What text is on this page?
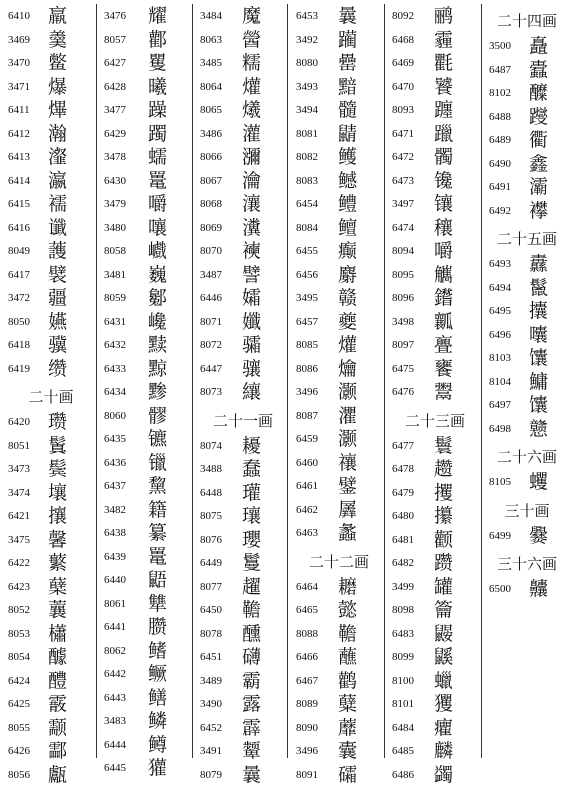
6410 羸
3469 羹
3470 鳖
3471 爆
6411 熚
6412 瀚
6413 瀣
6414 瀛
6415 襦
6416 谶
8049 䕶
6417 襞
3472 疆
8050 嬿
6418 骥
6419 缵
二十画
6420 瓒
8051 鬒
3473 鬓
3474 壤
6421 攘
3475 馨
6422 蘩
6423 蘖
8052 蘘
8053 櫹
8054 醵
6424 醴
6425 霰
8055 颥
6426 酃
8056 甗
3476 耀
8057 酄
6427 矍
6428 曦
3477 躁
6429 躅
3478 蠕
6430 鼍
3479 嚼
3480 嚷
8058 巇
3481 巍
8059 酁
6431 巉
6432 黩
6433 黥
6434 黪
8060 髎
6435 镳
6436 镴
6437 黧
3482 籍
6438 纂
6439 鼍
6440 鼯
8061 犨
6441 臜
8062 鳍
6442 鳜
6443 鳝
3483 鳞
6444 鳟
6445 獾
3484 魔
8063 醟
3485 糯
8064 爟
8065 爔
3486 灌
8066 瀰
8067 瀹
8068 瀼
8069 瀵
8070 襫
3487 譬
6446 孀
8071 孅
8072 骦
6447 骧
8073 纕
二十一画
8074 耰
3488 蠢
6448 瓘
8075 瓖
8076 瓔
6449 鬘
8077 趯
6450 韂
8078 醺
6451 礴
3489 霸
3490 露
6452 霹
3491 颦
8079 曩
6453 曩
3492 躏
8080 罍
3493 黯
3494 髓
8081 鼱
8082 鳠
8083 鳡
6454 鳢
8084 鳣
6455 癫
6456 麝
3495 赣
6457 夔
8085 爟
8086 爚
3496 灏
8087 灈
6459 灏
6460 禳
6461 鐾
6462 羼
6463 蠡
二十二画
6464 耱
6465 懿
8088 韂
6466 蘸
6467 鹳
8089 糵
8090 蘼
3496 囊
8091 礵
8092 鹂
6468 霾
6469 氍
6470 饕
8093 躔
6471 躐
6472 髑
6473 镵
3497 镶
6474 穰
8094 嚼
8095 觽
8096 鑙
3498 瓤
8097 亹
6475 饔
6476 鬻
二十三画
6477 鬟
6478 趱
6479 攫
6480 攥
6481 颧
6482 躜
3499 罐
8098 籥
6483 鼹
8099 鼷
8100 蠟
8101 玃
6484 癯
6485 麟
6486 蠲
二十四画
3500 矗
6487 蠹
8102 醾
6488 躞
6489 衢
6490 鑫
6491 灞
6492 襻
二十五画
6493 纛
6494 鬣
6495 攮
6496 囔
8103 馕
8104 鱅
6497 馕
6498 戆
二十六画
8105 蠼
三十画
6499 爨
三十六画
6500 齉
